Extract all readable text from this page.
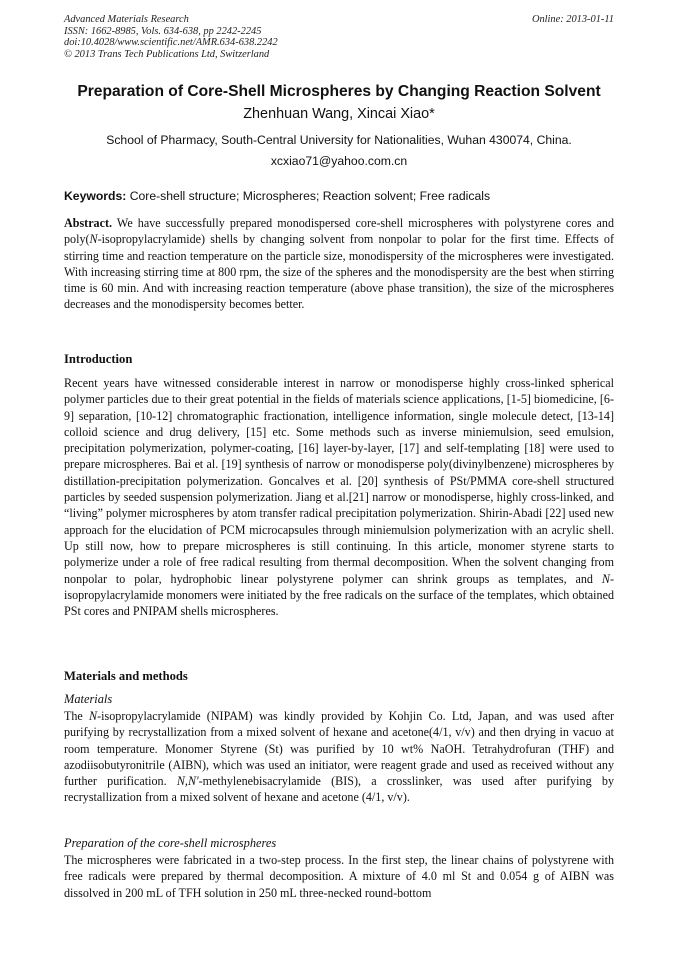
Advanced Materials Research
ISSN: 1662-8985, Vols. 634-638, pp 2242-2245
doi:10.4028/www.scientific.net/AMR.634-638.2242
© 2013 Trans Tech Publications Ltd, Switzerland
Online: 2013-01-11
Preparation of Core-Shell Microspheres by Changing Reaction Solvent
Zhenhuan Wang, Xincai Xiao*
School of Pharmacy, South-Central University for Nationalities, Wuhan 430074, China.
xcxiao71@yahoo.com.cn
Keywords: Core-shell structure; Microspheres; Reaction solvent; Free radicals

Abstract. We have successfully prepared monodispersed core-shell microspheres with polystyrene cores and poly(N-isopropylacrylamide) shells by changing solvent from nonpolar to polar for the first time. Effects of stirring time and reaction temperature on the particle size, monodispersity of the microspheres were investigated. With increasing stirring time at 800 rpm, the size of the spheres and the monodispersity are the best when stirring time is 60 min. And with increasing reaction temperature (above phase transition), the size of the microspheres decreases and the monodispersity becomes better.

Introduction

Recent years have witnessed considerable interest in narrow or monodisperse highly cross-linked spherical polymer particles due to their great potential in the fields of materials science applications, [1-5] biomedicine, [6-9] separation, [10-12] chromatographic fractionation, intelligence information, single molecule detect, [13-14] colloid science and drug delivery, [15] etc. Some methods such as inverse miniemulsion, seed emulsion, precipitation polymerization, polymer-coating, [16] layer-by-layer, [17] and self-templating [18] were used to prepare microspheres. Bai et al. [19] synthesis of narrow or monodisperse poly(divinylbenzene) microspheres by distillation-precipitation polymerization. Goncalves et al. [20] synthesis of PSt/PMMA core-shell structured particles by seeded suspension polymerization. Jiang et al.[21] narrow or monodisperse, highly cross-linked, and “living” polymer microspheres by atom transfer radical precipitation polymerization. Shirin-Abadi [22] used new approach for the elucidation of PCM microcapsules through miniemulsion polymerization with an acrylic shell. Up still now, how to prepare microspheres is still continuing. In this article, monomer styrene starts to polymerize under a role of free radical resulting from thermal decomposition. When the solvent changing from nonpolar to polar, hydrophobic linear polystyrene polymer can shrink groups as templates, and N-isopropylacrylamide monomers were initiated by the free radicals on the surface of the templates, which obtained PSt cores and PNIPAM shells microspheres.

Materials and methods
Materials

The N-isopropylacrylamide (NIPAM) was kindly provided by Kohjin Co. Ltd, Japan, and was used after purifying by recrystallization from a mixed solvent of hexane and acetone(4/1, v/v) and then drying in vacuo at room temperature. Monomer Styrene (St) was purified by 10 wt% NaOH. Tetrahydrofuran (THF) and azodiisobutyronitrile (AIBN), which was used an initiator, were reagent grade and used as received without any further purification. N,N'-methylenebisacrylamide (BIS), a crosslinker, was used after purifying by recrystallization from a mixed solvent of hexane and acetone (4/1, v/v).

Preparation of the core-shell microspheres

The microspheres were fabricated in a two-step process. In the first step, the linear chains of polystyrene with free radicals were prepared by thermal decomposition. A mixture of 4.0 ml St and 0.054 g of AIBN was dissolved in 200 mL of TFH solution in 250 mL three-necked round-bottom
